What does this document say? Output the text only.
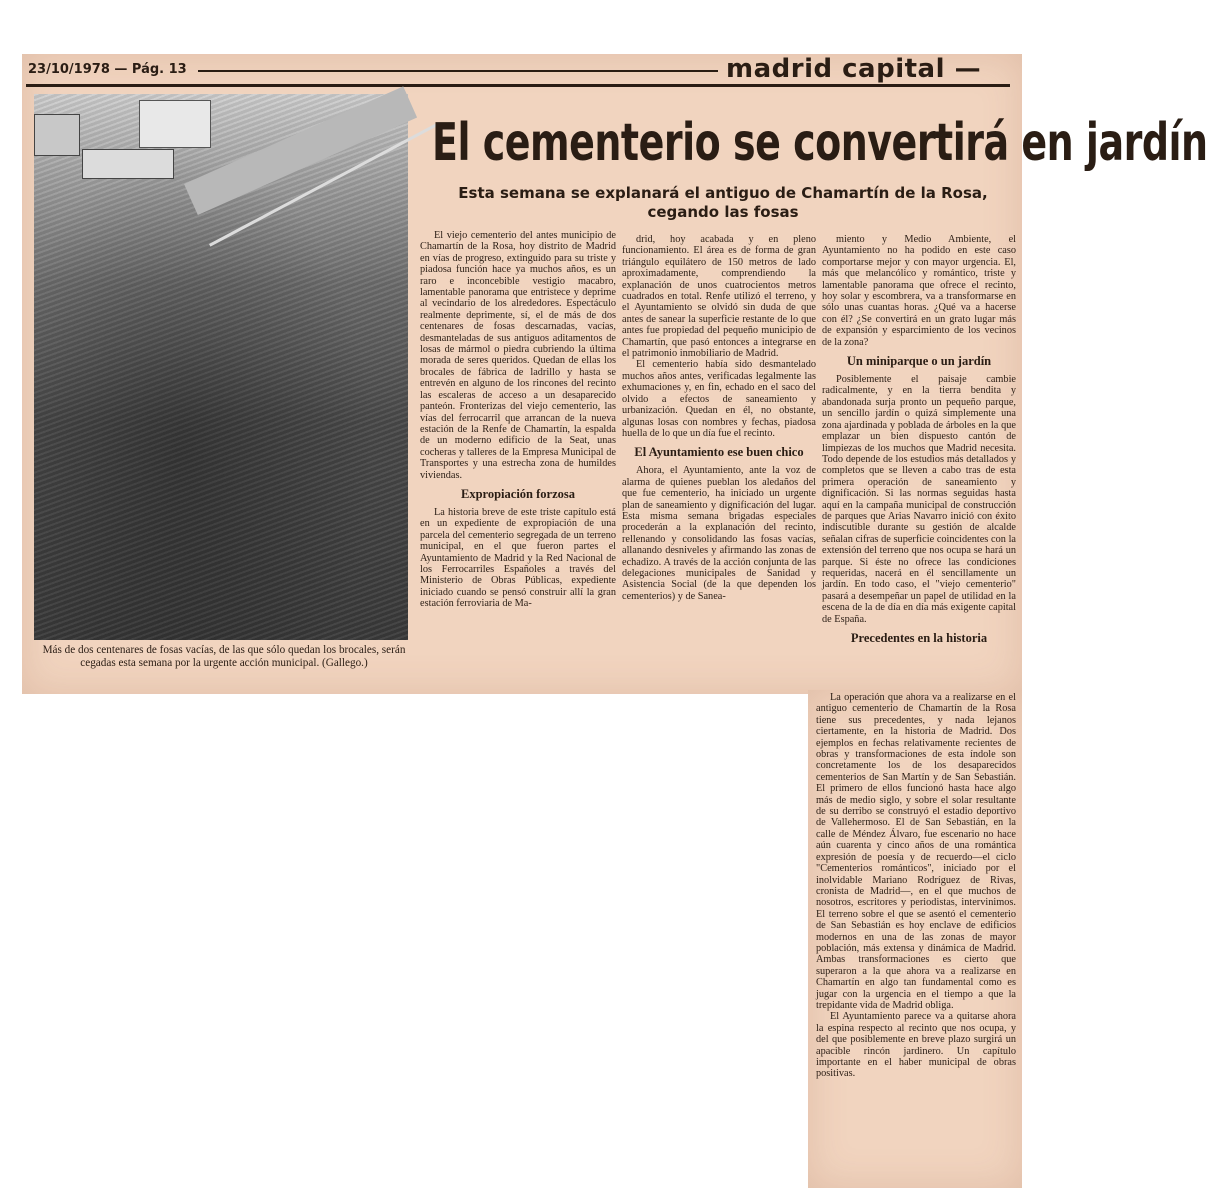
23/10/1978 — Pág. 13	madrid capital —
Más de dos centenares de fosas vacías, de las que sólo quedan los brocales, serán cegadas esta semana por la urgente acción municipal. (Gallego.)
El cementerio se convertirá en jardín
Esta semana se explanará el antiguo de Chamartín de la Rosa, cegando las fosas

El viejo cementerio del antes municipio de Chamartín de la Rosa, hoy distrito de Madrid en vías de progreso, extinguido para su triste y piadosa función hace ya muchos años, es un raro e inconcebible vestigio macabro, lamentable panorama que entristece y deprime al vecindario de los alrededores. Espectáculo realmente deprimente, sí, el de más de dos centenares de fosas descarnadas, vacías, desmanteladas de sus antiguos aditamentos de losas de mármol o piedra cubriendo la última morada de seres queridos. Quedan de ellas los brocales de fábrica de ladrillo y hasta se entrevén en alguno de los rincones del recinto las escaleras de acceso a un desaparecido panteón. Fronterizas del viejo cementerio, las vías del ferrocarril que arrancan de la nueva estación de la Renfe de Chamartín, la espalda de un moderno edificio de la Seat, unas cocheras y talleres de la Empresa Municipal de Transportes y una estrecha zona de humildes viviendas.

Expropiación forzosa

La historia breve de este triste capítulo está en un expediente de expropiación de una parcela del cementerio segregada de un terreno municipal, en el que fueron partes el Ayuntamiento de Madrid y la Red Nacional de los Ferrocarriles Españoles a través del Ministerio de Obras Públicas, expediente iniciado cuando se pensó construir allí la gran estación ferroviaria de Ma-

drid, hoy acabada y en pleno funcionamiento. El área es de forma de gran triángulo equilátero de 150 metros de lado aproximadamente, comprendiendo la explanación de unos cuatrocientos metros cuadrados en total. Renfe utilizó el terreno, y el Ayuntamiento se olvidó sin duda de que antes de sanear la superficie restante de lo que antes fue propiedad del pequeño municipio de Chamartín, que pasó entonces a integrarse en el patrimonio inmobiliario de Madrid.

El cementerio había sido desmantelado muchos años antes, verificadas legalmente las exhumaciones y, en fin, echado en el saco del olvido a efectos de saneamiento y urbanización. Quedan en él, no obstante, algunas losas con nombres y fechas, piadosa huella de lo que un día fue el recinto.

El Ayuntamiento ese buen chico

Ahora, el Ayuntamiento, ante la voz de alarma de quienes pueblan los aledaños del que fue cementerio, ha iniciado un urgente plan de saneamiento y dignificación del lugar. Esta misma semana brigadas especiales procederán a la explanación del recinto, rellenando y consolidando las fosas vacías, allanando desniveles y afirmando las zonas de echadizo. A través de la acción conjunta de las delegaciones municipales de Sanidad y Asistencia Social (de la que dependen los cementerios) y de Sanea-

miento y Medio Ambiente, el Ayuntamiento no ha podido en este caso comportarse mejor y con mayor urgencia. El, más que melancólico y romántico, triste y lamentable panorama que ofrece el recinto, hoy solar y escombrera, va a transformarse en sólo unas cuantas horas. ¿Qué va a hacerse con él? ¿Se convertirá en un grato lugar más de expansión y esparcimiento de los vecinos de la zona?

Un miniparque o un jardín

Posiblemente el paisaje cambie radicalmente, y en la tierra bendita y abandonada surja pronto un pequeño parque, un sencillo jardín o quizá simplemente una zona ajardinada y poblada de árboles en la que emplazar un bien dispuesto cantón de limpiezas de los muchos que Madrid necesita. Todo depende de los estudios más detallados y completos que se lleven a cabo tras de esta primera operación de saneamiento y dignificación. Si las normas seguidas hasta aquí en la campaña municipal de construcción de parques que Arias Navarro inició con éxito indiscutible durante su gestión de alcalde señalan cifras de superficie coincidentes con la extensión del terreno que nos ocupa se hará un parque. Si éste no ofrece las condiciones requeridas, nacerá en él sencillamente un jardín. En todo caso, el "viejo cementerio" pasará a desempeñar un papel de utilidad en la escena de la de día en día más exigente capital de España.

Precedentes en la historia

La operación que ahora va a realizarse en el antiguo cementerio de Chamartín de la Rosa tiene sus precedentes, y nada lejanos ciertamente, en la historia de Madrid. Dos ejemplos en fechas relativamente recientes de obras y transformaciones de esta índole son concretamente los de los desaparecidos cementerios de San Martín y de San Sebastián. El primero de ellos funcionó hasta hace algo más de medio siglo, y sobre el solar resultante de su derribo se construyó el estadio deportivo de Vallehermoso. El de San Sebastián, en la calle de Méndez Álvaro, fue escenario no hace aún cuarenta y cinco años de una romántica expresión de poesía y de recuerdo—el ciclo "Cementerios románticos", iniciado por el inolvidable Mariano Rodríguez de Rivas, cronista de Madrid—, en el que muchos de nosotros, escritores y periodistas, intervinimos. El terreno sobre el que se asentó el cementerio de San Sebastián es hoy enclave de edificios modernos en una de las zonas de mayor población, más extensa y dinámica de Madrid. Ambas transformaciones es cierto que superaron a la que ahora va a realizarse en Chamartín en algo tan fundamental como es jugar con la urgencia en el tiempo a que la trepidante vida de Madrid obliga.

El Ayuntamiento parece va a quitarse ahora la espina respecto al recinto que nos ocupa, y del que posiblemente en breve plazo surgirá un apacible rincón jardinero. Un capítulo importante en el haber municipal de obras positivas.
